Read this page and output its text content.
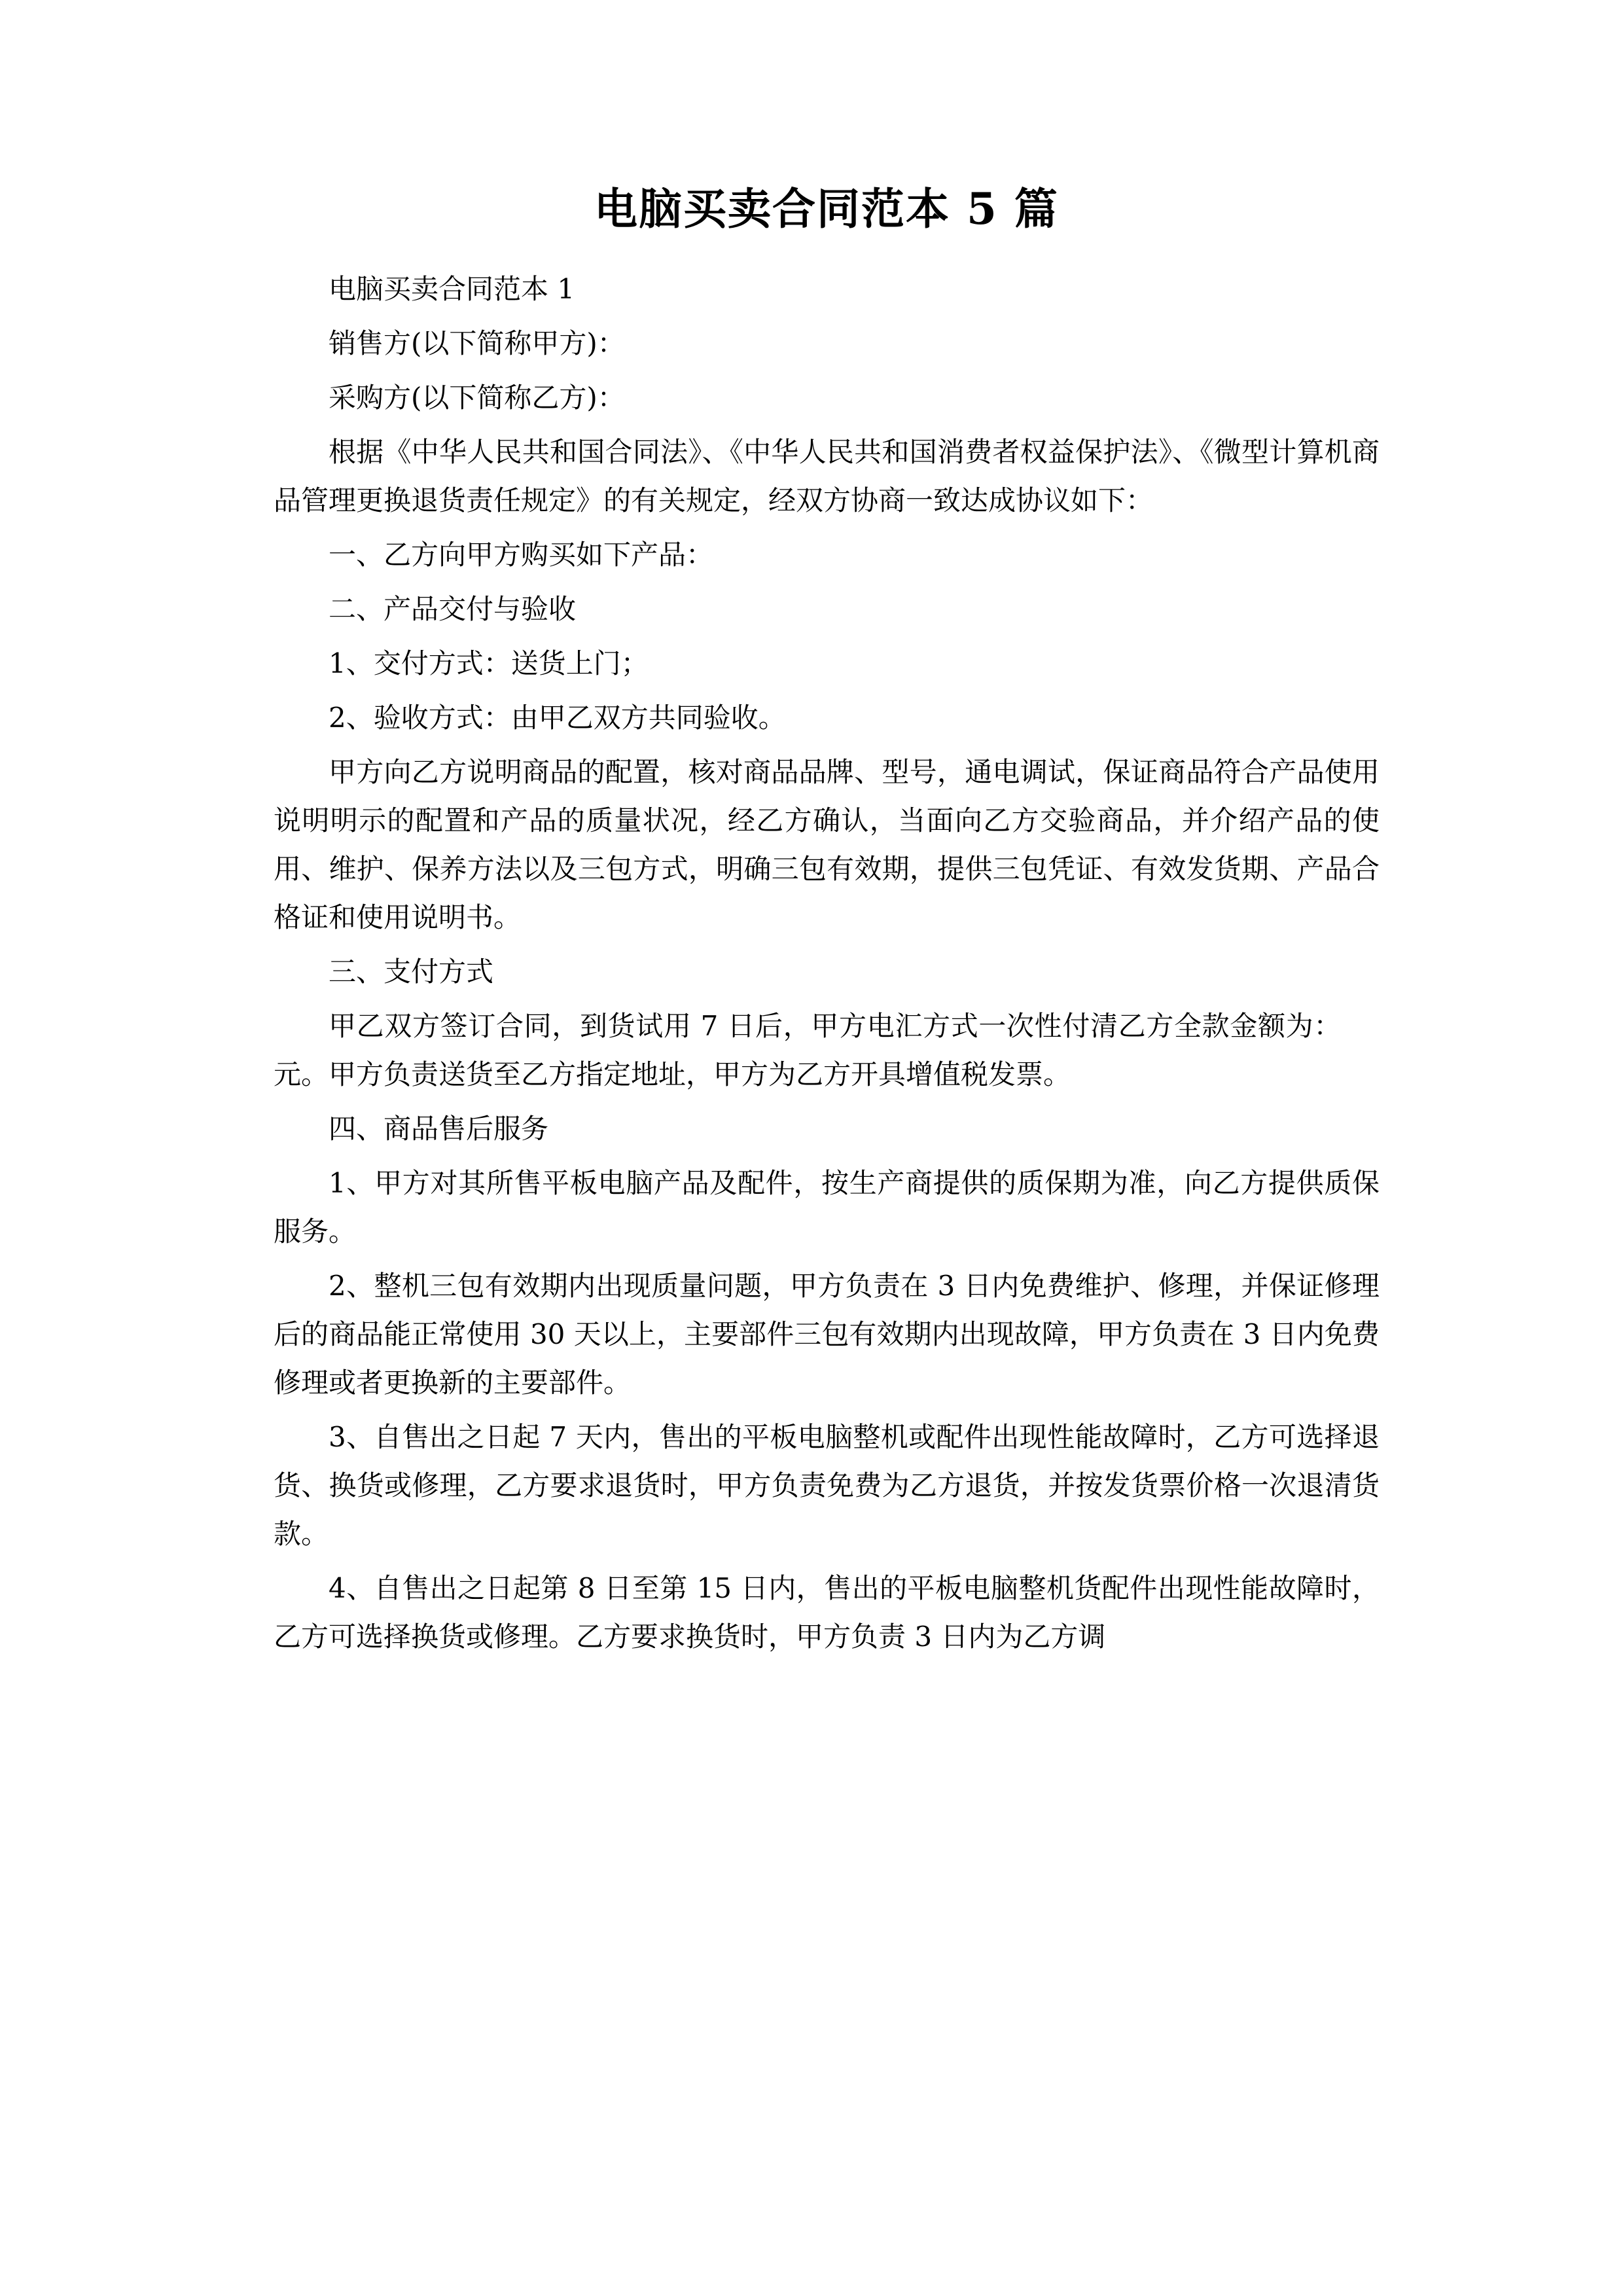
电脑买卖合同范本 5 篇

电脑买卖合同范本 1

销售方(以下简称甲方)：

采购方(以下简称乙方)：

根据《中华人民共和国合同法》、《中华人民共和国消费者权益保护法》、《微型计算机商品管理更换退货责任规定》的有关规定，经双方协商一致达成协议如下：

一、乙方向甲方购买如下产品：

二、产品交付与验收

1、交付方式：送货上门；

2、验收方式：由甲乙双方共同验收。

甲方向乙方说明商品的配置，核对商品品牌、型号，通电调试，保证商品符合产品使用说明明示的配置和产品的质量状况，经乙方确认，当面向乙方交验商品，并介绍产品的使用、维护、保养方法以及三包方式，明确三包有效期，提供三包凭证、有效发货期、产品合格证和使用说明书。

三、支付方式

甲乙双方签订合同，到货试用 7 日后，甲方电汇方式一次性付清乙方全款金额为：元。甲方负责送货至乙方指定地址，甲方为乙方开具增值税发票。

四、商品售后服务

1、甲方对其所售平板电脑产品及配件，按生产商提供的质保期为准，向乙方提供质保服务。

2、整机三包有效期内出现质量问题，甲方负责在 3 日内免费维护、修理，并保证修理后的商品能正常使用 30 天以上，主要部件三包有效期内出现故障，甲方负责在 3 日内免费修理或者更换新的主要部件。

3、自售出之日起 7 天内，售出的平板电脑整机或配件出现性能故障时，乙方可选择退货、换货或修理，乙方要求退货时，甲方负责免费为乙方退货，并按发货票价格一次退清货款。

4、自售出之日起第 8 日至第 15 日内，售出的平板电脑整机货配件出现性能故障时，乙方可选择换货或修理。乙方要求换货时，甲方负责 3 日内为乙方调
